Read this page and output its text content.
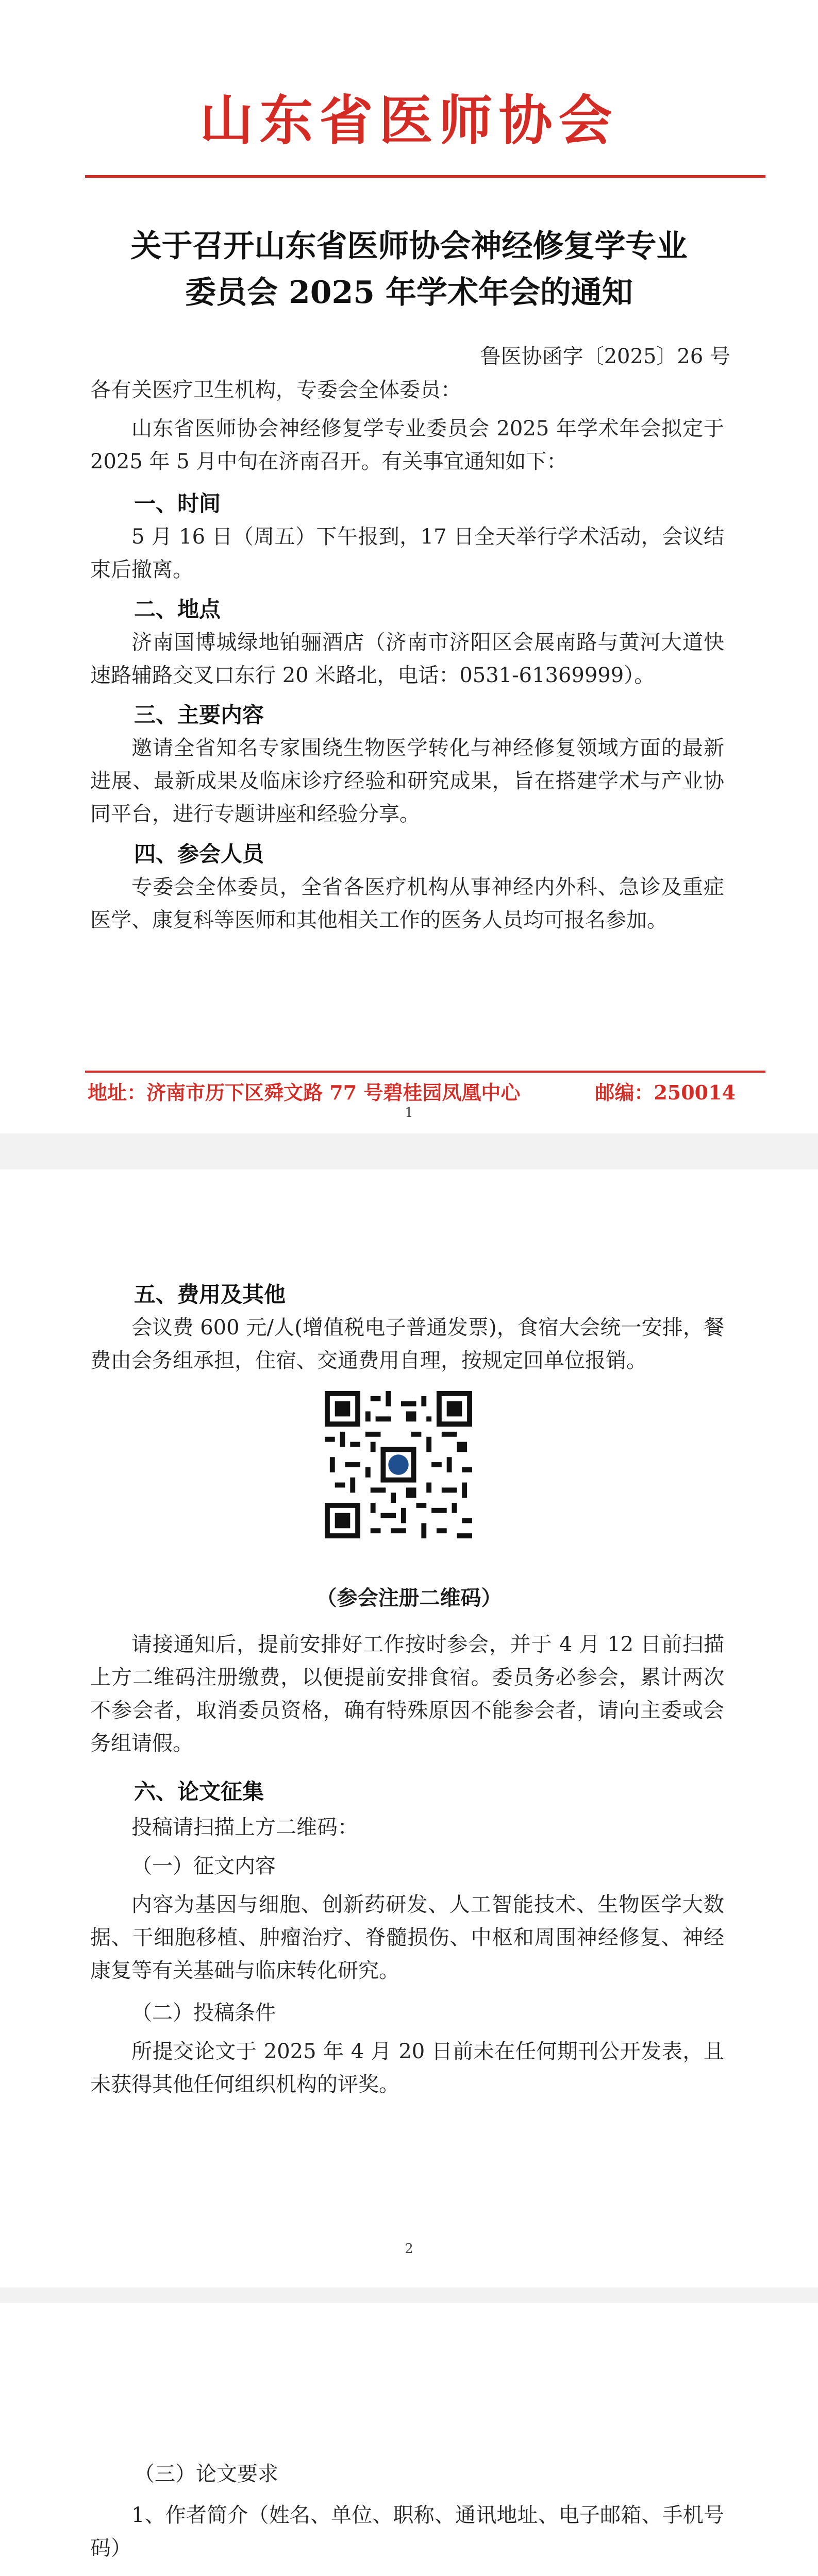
山东省医师协会
关于召开山东省医师协会神经修复学专业
委员会 2025 年学术年会的通知
鲁医协函字〔2025〕26 号
各有关医疗卫生机构，专委会全体委员：
山东省医师协会神经修复学专业委员会 2025 年学术年会拟定于 2025 年 5 月中旬在济南召开。有关事宜通知如下：
一、时间
5 月 16 日（周五）下午报到，17 日全天举行学术活动，会议结束后撤离。
二、地点
济南国博城绿地铂骊酒店（济南市济阳区会展南路与黄河大道快速路辅路交叉口东行 20 米路北，电话：0531-61369999）。
三、主要内容
邀请全省知名专家围绕生物医学转化与神经修复领域方面的最新进展、最新成果及临床诊疗经验和研究成果，旨在搭建学术与产业协同平台，进行专题讲座和经验分享。
四、参会人员
专委会全体委员，全省各医疗机构从事神经内外科、急诊及重症医学、康复科等医师和其他相关工作的医务人员均可报名参加。
地址：济南市历下区舜文路 77 号碧桂园凤凰中心	邮编：250014
1
五、费用及其他
会议费 600 元/人(增值税电子普通发票)，食宿大会统一安排，餐费由会务组承担，住宿、交通费用自理，按规定回单位报销。
（参会注册二维码）
请接通知后，提前安排好工作按时参会，并于 4 月 12 日前扫描上方二维码注册缴费，以便提前安排食宿。委员务必参会，累计两次不参会者，取消委员资格，确有特殊原因不能参会者，请向主委或会务组请假。
六、论文征集
投稿请扫描上方二维码：
（一）征文内容
内容为基因与细胞、创新药研发、人工智能技术、生物医学大数据、干细胞移植、肿瘤治疗、脊髓损伤、中枢和周围神经修复、神经康复等有关基础与临床转化研究。
（二）投稿条件
所提交论文于 2025 年 4 月 20 日前未在任何期刊公开发表，且未获得其他任何组织机构的评奖。
2
（三）论文要求
1、作者简介（姓名、单位、职称、通讯地址、电子邮箱、手机号码）
